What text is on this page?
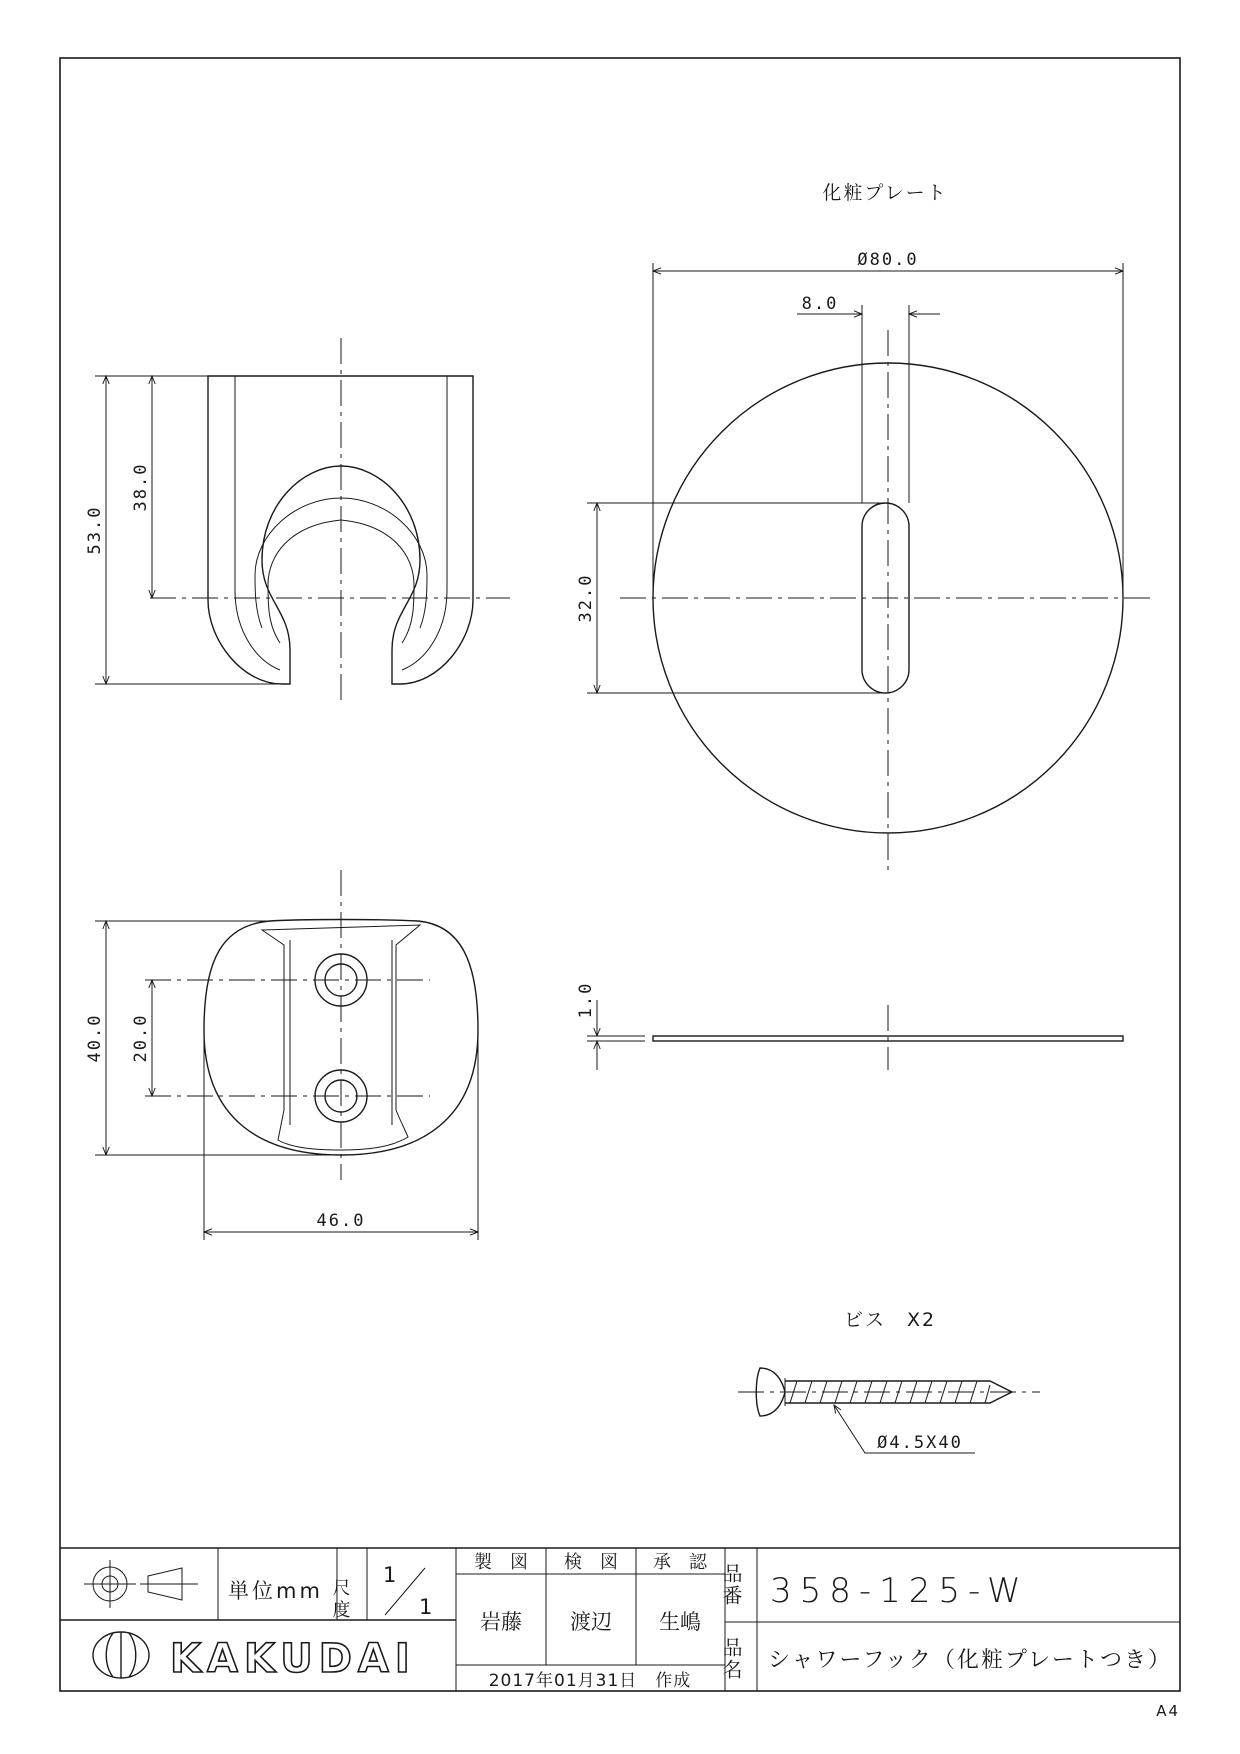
53.0
38.0
化粧プレート
Ø80.0
8.0
32.0
40.0 20.0
46.0
1.0
ビス　X2
Ø4.5X40
単位mm 尺度
1
1
製　図 検　図 承　認
岩藤 渡辺 生嶋
2017年01月31日　作成
品番
品名
358-125-W
シャワーフック（化粧プレートつき）
KAKUDAI
A4
